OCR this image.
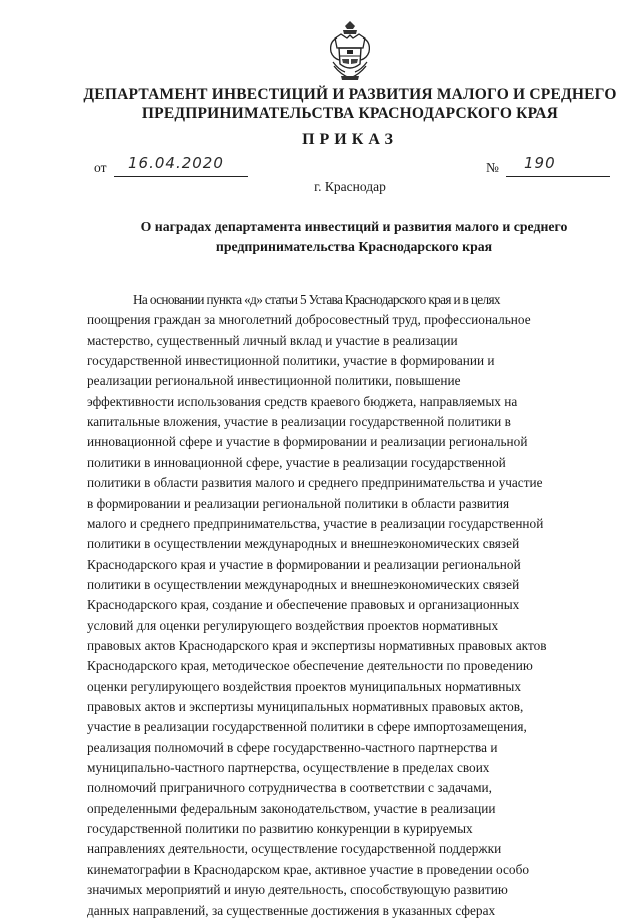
ДЕПАРТАМЕНТ ИНВЕСТИЦИЙ И РАЗВИТИЯ МАЛОГО И СРЕДНЕГО
ПРЕДПРИНИМАТЕЛЬСТВА КРАСНОДАРСКОГО КРАЯ
ПРИКАЗ
от 16.04.2020	№ 190
г. Краснодар
О наградах департамента инвестиций и развития малого и среднего
предпринимательства Краснодарского края
На основании пункта «д» статьи 5 Устава Краснодарского края и в целях
поощрения граждан за многолетний добросовестный труд, профессиональное
мастерство, существенный личный вклад и участие в реализации
государственной инвестиционной политики, участие в формировании и
реализации региональной инвестиционной политики, повышение
эффективности использования средств краевого бюджета, направляемых на
капитальные вложения, участие в реализации государственной политики в
инновационной сфере и участие в формировании и реализации региональной
политики в инновационной сфере, участие в реализации государственной
политики в области развития малого и среднего предпринимательства и участие
в формировании и реализации региональной политики в области развития
малого и среднего предпринимательства, участие в реализации государственной
политики в осуществлении международных и внешнеэкономических связей
Краснодарского края и участие в формировании и реализации региональной
политики в осуществлении международных и внешнеэкономических связей
Краснодарского края, создание и обеспечение правовых и организационных
условий для оценки регулирующего воздействия проектов нормативных
правовых актов Краснодарского края и экспертизы нормативных правовых актов
Краснодарского края, методическое обеспечение деятельности по проведению
оценки регулирующего воздействия проектов муниципальных нормативных
правовых актов и экспертизы муниципальных нормативных правовых актов,
участие в реализации государственной политики в сфере импортозамещения,
реализация полномочий в сфере государственно-частного партнерства и
муниципально-частного партнерства, осуществление в пределах своих
полномочий приграничного сотрудничества в соответствии с задачами,
определенными федеральным законодательством, участие в реализации
государственной политики по развитию конкуренции в курируемых
направлениях деятельности, осуществление государственной поддержки
кинематографии в Краснодарском крае, активное участие в проведении особо
значимых мероприятий и иную деятельность, способствующую развитию
данных направлений, за существенные достижения в указанных сферах
